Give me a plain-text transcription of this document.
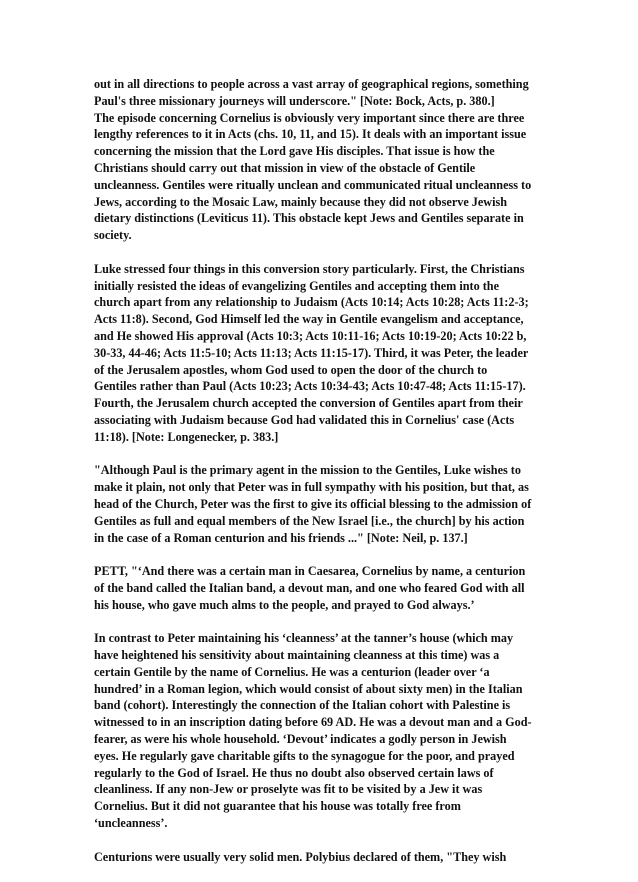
out in all directions to people across a vast array of geographical regions, something
Paul's three missionary journeys will underscore." [Note: Bock, Acts, p. 380.]
The episode concerning Cornelius is obviously very important since there are three
lengthy references to it in Acts (chs. 10, 11, and 15). It deals with an important issue
concerning the mission that the Lord gave His disciples. That issue is how the
Christians should carry out that mission in view of the obstacle of Gentile
uncleanness. Gentiles were ritually unclean and communicated ritual uncleanness to
Jews, according to the Mosaic Law, mainly because they did not observe Jewish
dietary distinctions (Leviticus 11). This obstacle kept Jews and Gentiles separate in
society.
Luke stressed four things in this conversion story particularly. First, the Christians
initially resisted the ideas of evangelizing Gentiles and accepting them into the
church apart from any relationship to Judaism (Acts 10:14; Acts 10:28; Acts 11:2-3;
Acts 11:8). Second, God Himself led the way in Gentile evangelism and acceptance,
and He showed His approval (Acts 10:3; Acts 10:11-16; Acts 10:19-20; Acts 10:22 b,
30-33, 44-46; Acts 11:5-10; Acts 11:13; Acts 11:15-17). Third, it was Peter, the leader
of the Jerusalem apostles, whom God used to open the door of the church to
Gentiles rather than Paul (Acts 10:23; Acts 10:34-43; Acts 10:47-48; Acts 11:15-17).
Fourth, the Jerusalem church accepted the conversion of Gentiles apart from their
associating with Judaism because God had validated this in Cornelius' case (Acts
11:18). [Note: Longenecker, p. 383.]
"Although Paul is the primary agent in the mission to the Gentiles, Luke wishes to
make it plain, not only that Peter was in full sympathy with his position, but that, as
head of the Church, Peter was the first to give its official blessing to the admission of
Gentiles as full and equal members of the New Israel [i.e., the church] by his action
in the case of a Roman centurion and his friends ..." [Note: Neil, p. 137.]
PETT, "‘And there was a certain man in Caesarea, Cornelius by name, a centurion
of the band called the Italian band, a devout man, and one who feared God with all
his house, who gave much alms to the people, and prayed to God always.’
In contrast to Peter maintaining his ‘cleanness’ at the tanner’s house (which may
have heightened his sensitivity about maintaining cleanness at this time) was a
certain Gentile by the name of Cornelius. He was a centurion (leader over ‘a
hundred’ in a Roman legion, which would consist of about sixty men) in the Italian
band (cohort). Interestingly the connection of the Italian cohort with Palestine is
witnessed to in an inscription dating before 69 AD. He was a devout man and a God-
fearer, as were his whole household. ‘Devout’ indicates a godly person in Jewish
eyes. He regularly gave charitable gifts to the synagogue for the poor, and prayed
regularly to the God of Israel. He thus no doubt also observed certain laws of
cleanliness. If any non-Jew or proselyte was fit to be visited by a Jew it was
Cornelius. But it did not guarantee that his house was totally free from
‘uncleanness’.
Centurions were usually very solid men. Polybius declared of them, "They wish
